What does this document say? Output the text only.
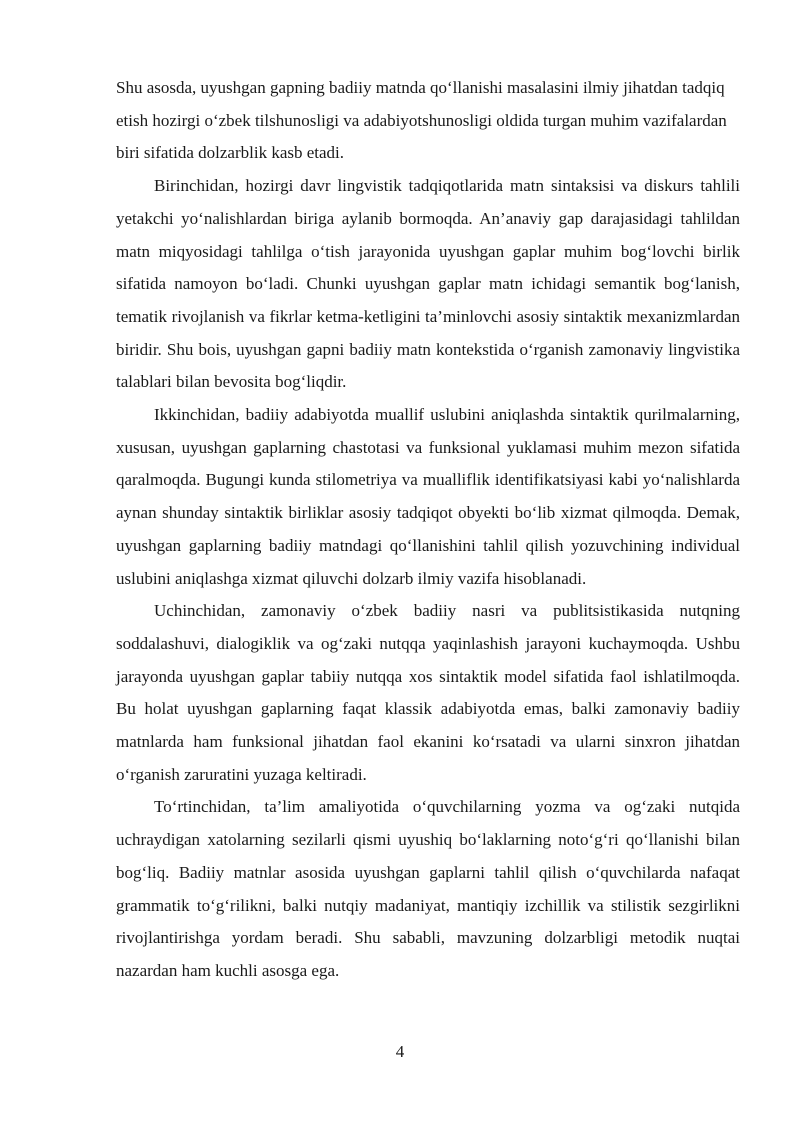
Shu asosda, uyushgan gapning badiiy matnda qo‘llanishi masalasini ilmiy jihatdan tadqiq etish hozirgi o‘zbek tilshunosligi va adabiyotshunosligi oldida turgan muhim vazifalardan biri sifatida dolzarblik kasb etadi.

Birinchidan, hozirgi davr lingvistik tadqiqotlarida matn sintaksisi va diskurs tahlili yetakchi yo‘nalishlardan biriga aylanib bormoqda. An’anaviy gap darajasidagi tahlildan matn miqyosidagi tahlilga o‘tish jarayonida uyushgan gaplar muhim bog‘lovchi birlik sifatida namoyon bo‘ladi. Chunki uyushgan gaplar matn ichidagi semantik bog‘lanish, tematik rivojlanish va fikrlar ketma-ketligini ta’minlovchi asosiy sintaktik mexanizmlardan biridir. Shu bois, uyushgan gapni badiiy matn kontekstida o‘rganish zamonaviy lingvistika talablari bilan bevosita bog‘liqdir.

Ikkinchidan, badiiy adabiyotda muallif uslubini aniqlashda sintaktik qurilmalarning, xususan, uyushgan gaplarning chastotasi va funksional yuklamasi muhim mezon sifatida qaralmoqda. Bugungi kunda stilometriya va mualliflik identifikatsiyasi kabi yo‘nalishlarda aynan shunday sintaktik birliklar asosiy tadqiqot obyekti bo‘lib xizmat qilmoqda. Demak, uyushgan gaplarning badiiy matndagi qo‘llanishini tahlil qilish yozuvchining individual uslubini aniqlashga xizmat qiluvchi dolzarb ilmiy vazifa hisoblanadi.

Uchinchidan, zamonaviy o‘zbek badiiy nasri va publitsistikasida nutqning soddalashuvi, dialogiklik va og‘zaki nutqqa yaqinlashish jarayoni kuchaymoqda. Ushbu jarayonda uyushgan gaplar tabiiy nutqqa xos sintaktik model sifatida faol ishlatilmoqda. Bu holat uyushgan gaplarning faqat klassik adabiyotda emas, balki zamonaviy badiiy matnlarda ham funksional jihatdan faol ekanini ko‘rsatadi va ularni sinxron jihatdan o‘rganish zaruratini yuzaga keltiradi.

To‘rtinchidan, ta’lim amaliyotida o‘quvchilarning yozma va og‘zaki nutqida uchraydigan xatolarning sezilarli qismi uyushiq bo‘laklarning noto‘g‘ri qo‘llanishi bilan bog‘liq. Badiiy matnlar asosida uyushgan gaplarni tahlil qilish o‘quvchilarda nafaqat grammatik to‘g‘rilikni, balki nutqiy madaniyat, mantiqiy izchillik va stilistik sezgirlikni rivojlantirishga yordam beradi. Shu sababli, mavzuning dolzarbligi metodik nuqtai nazardan ham kuchli asosga ega.

4
